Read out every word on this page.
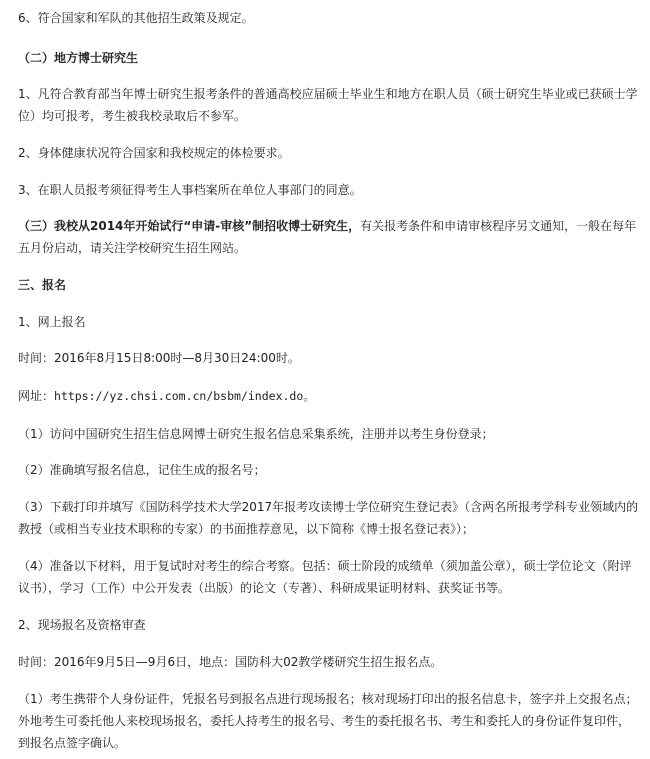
6、符合国家和军队的其他招生政策及规定。

（二）地方博士研究生

1、凡符合教育部当年博士研究生报考条件的普通高校应届硕士毕业生和地方在职人员（硕士研究生毕业或已获硕士学位）均可报考，考生被我校录取后不参军。

2、身体健康状况符合国家和我校规定的体检要求。

3、在职人员报考须征得考生人事档案所在单位人事部门的同意。

（三）我校从2014年开始试行“申请-审核”制招收博士研究生，有关报考条件和申请审核程序另文通知，一般在每年五月份启动，请关注学校研究生招生网站。

三、报名

1、网上报名

时间：2016年8月15日8:00时—8月30日24:00时。

网址：https://yz.chsi.com.cn/bsbm/index.do。

（1）访问中国研究生招生信息网博士研究生报名信息采集系统，注册并以考生身份登录；

（2）准确填写报名信息，记住生成的报名号；

（3）下载打印并填写《国防科学技术大学2017年报考攻读博士学位研究生登记表》（含两名所报考学科专业领域内的教授（或相当专业技术职称的专家）的书面推荐意见，以下简称《博士报名登记表》）；

（4）准备以下材料，用于复试时对考生的综合考察。包括：硕士阶段的成绩单（须加盖公章），硕士学位论文（附评议书），学习（工作）中公开发表（出版）的论文（专著）、科研成果证明材料、获奖证书等。

2、现场报名及资格审查

时间：2016年9月5日—9月6日，地点：国防科大02教学楼研究生招生报名点。

（1）考生携带个人身份证件，凭报名号到报名点进行现场报名；核对现场打印出的报名信息卡，签字并上交报名点；外地考生可委托他人来校现场报名，委托人持考生的报名号、考生的委托报名书、考生和委托人的身份证件复印件，到报名点签字确认。
